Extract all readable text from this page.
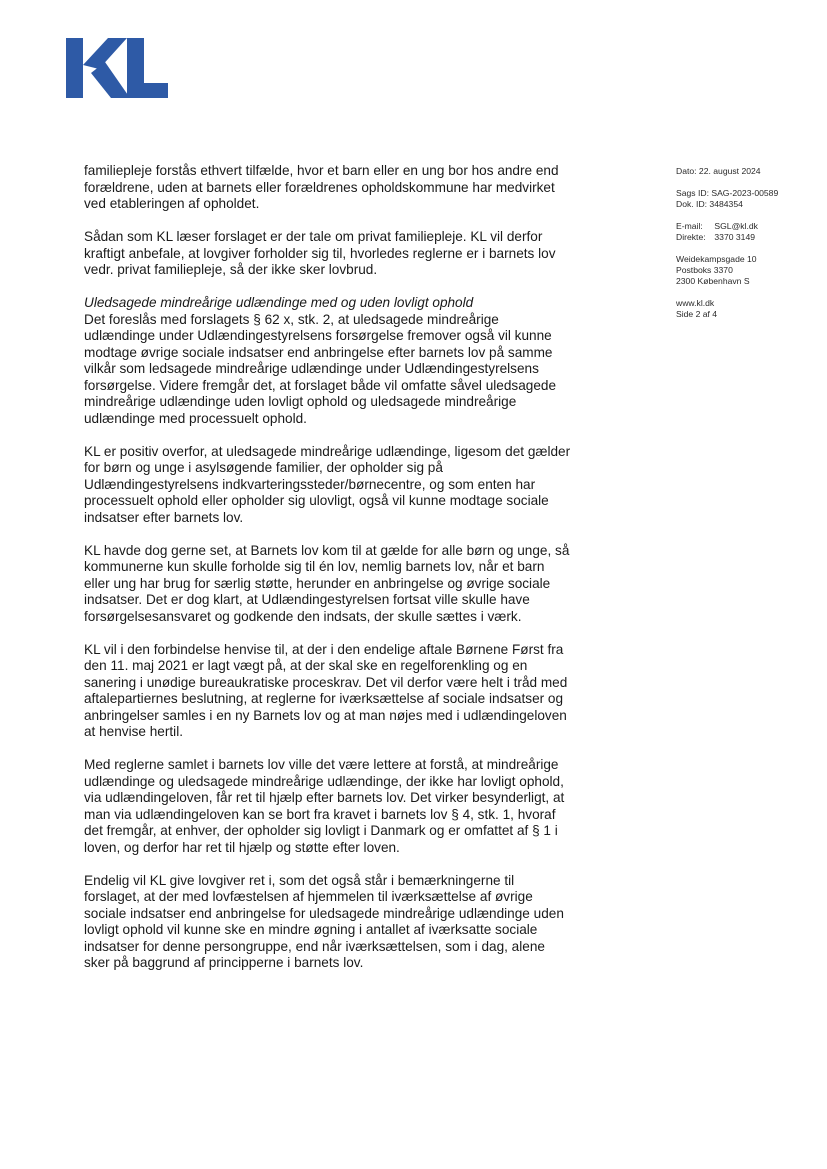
Dato: 22. august 2024
Sags ID: SAG-2023-00589
Dok. ID: 3484354
E-mail: SGL@kl.dk
Direkte: 3370 3149
Weidekampsgade 10
Postboks 3370
2300 København S
www.kl.dk
Side 2 af 4

familiepleje forstås ethvert tilfælde, hvor et barn eller en ung bor hos andre end forældrene, uden at barnets eller forældrenes opholdskommune har medvirket ved etableringen af opholdet.

Sådan som KL læser forslaget er der tale om privat familiepleje. KL vil derfor kraftigt anbefale, at lovgiver forholder sig til, hvorledes reglerne er i barnets lov vedr. privat familiepleje, så der ikke sker lovbrud.

Uledsagede mindreårige udlændinge med og uden lovligt ophold
Det foreslås med forslagets § 62 x, stk. 2, at uledsagede mindreårige udlændinge under Udlændingestyrelsens forsørgelse fremover også vil kunne modtage øvrige sociale indsatser end anbringelse efter barnets lov på samme vilkår som ledsagede mindreårige udlændinge under Udlændingestyrelsens forsørgelse. Videre fremgår det, at forslaget både vil omfatte såvel uledsagede mindreårige udlændinge uden lovligt ophold og uledsagede mindreårige udlændinge med processuelt ophold.

KL er positiv overfor, at uledsagede mindreårige udlændinge, ligesom det gælder for børn og unge i asylsøgende familier, der opholder sig på Udlændingestyrelsens indkvarteringssteder/børnecentre, og som enten har processuelt ophold eller opholder sig ulovligt, også vil kunne modtage sociale indsatser efter barnets lov.

KL havde dog gerne set, at Barnets lov kom til at gælde for alle børn og unge, så kommunerne kun skulle forholde sig til én lov, nemlig barnets lov, når et barn eller ung har brug for særlig støtte, herunder en anbringelse og øvrige sociale indsatser. Det er dog klart, at Udlændingestyrelsen fortsat ville skulle have forsørgelsesansvaret og godkende den indsats, der skulle sættes i værk.

KL vil i den forbindelse henvise til, at der i den endelige aftale Børnene Først fra den 11. maj 2021 er lagt vægt på, at der skal ske en regelforenkling og en sanering i unødige bureaukratiske proceskrav. Det vil derfor være helt i tråd med aftalepartiernes beslutning, at reglerne for iværksættelse af sociale indsatser og anbringelser samles i en ny Barnets lov og at man nøjes med i udlændingeloven at henvise hertil.

Med reglerne samlet i barnets lov ville det være lettere at forstå, at mindreårige udlændinge og uledsagede mindreårige udlændinge, der ikke har lovligt ophold, via udlændingeloven, får ret til hjælp efter barnets lov. Det virker besynderligt, at man via udlændingeloven kan se bort fra kravet i barnets lov § 4, stk. 1, hvoraf det fremgår, at enhver, der opholder sig lovligt i Danmark og er omfattet af § 1 i loven, og derfor har ret til hjælp og støtte efter loven.

Endelig vil KL give lovgiver ret i, som det også står i bemærkningerne til forslaget, at der med lovfæstelsen af hjemmelen til iværksættelse af øvrige sociale indsatser end anbringelse for uledsagede mindreårige udlændinge uden lovligt ophold vil kunne ske en mindre øgning i antallet af iværksatte sociale indsatser for denne persongruppe, end når iværksættelsen, som i dag, alene sker på baggrund af principperne i barnets lov.
